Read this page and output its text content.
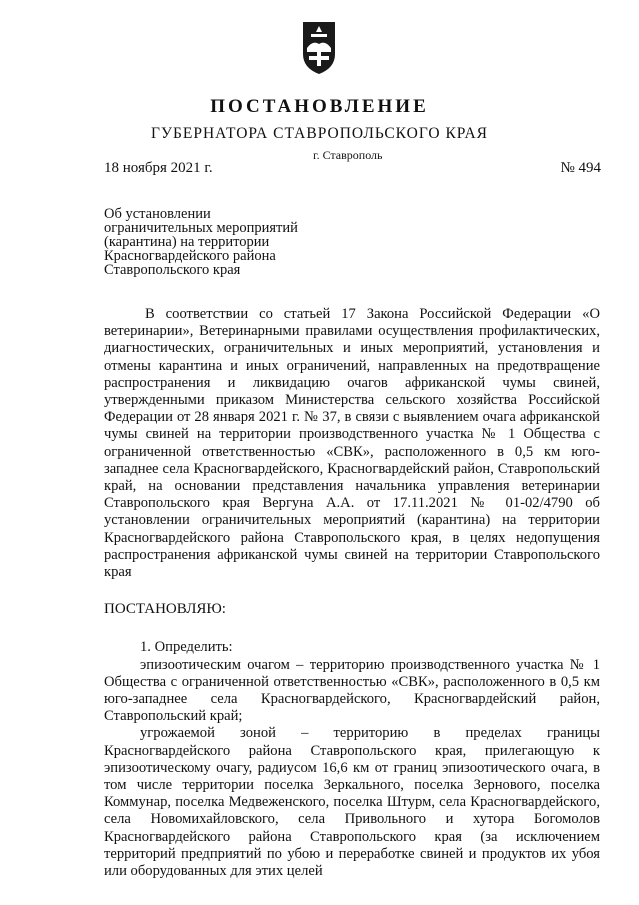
ПОСТАНОВЛЕНИЕ
ГУБЕРНАТОРА СТАВРОПОЛЬСКОГО КРАЯ
г. Ставрополь
18 ноября 2021 г.	№ 494
Об установлении
ограничительных мероприятий
(карантина) на территории
Красногвардейского района
Ставропольского края

В соответствии со статьей 17 Закона Российской Федерации «О ветеринарии», Ветеринарными правилами осуществления профилактических, диагностических, ограничительных и иных мероприятий, установления и отмены карантина и иных ограничений, направленных на предотвращение распространения и ликвидацию очагов африканской чумы свиней, утвержденными приказом Министерства сельского хозяйства Российской Федерации от 28 января 2021 г. № 37, в связи с выявлением очага африканской чумы свиней на территории производственного участка № 1 Общества с ограниченной ответственностью «СВК», расположенного в 0,5 км юго-западнее села Красногвардейского, Красногвардейский район, Ставропольский край, на основании представления начальника управления ветеринарии Ставропольского края Вергуна А.А. от 17.11.2021 № 01-02/4790 об установлении ограничительных мероприятий (карантина) на территории Красногвардейского района Ставропольского края, в целях недопущения распространения африканской чумы свиней на территории Ставропольского края

ПОСТАНОВЛЯЮ:

1. Определить:

эпизоотическим очагом – территорию производственного участка № 1 Общества с ограниченной ответственностью «СВК», расположенного в 0,5 км юго-западнее села Красногвардейского, Красногвардейский район, Ставропольский край;

угрожаемой зоной – территорию в пределах границы Красногвардейского района Ставропольского края, прилегающую к эпизоотическому очагу, радиусом 16,6 км от границ эпизоотического очага, в том числе территории поселка Зеркального, поселка Зернового, поселка Коммунар, поселка Медвеженского, поселка Штурм, села Красногвардейского, села Новомихайловского, села Привольного и хутора Богомолов Красногвардейского района Ставропольского края (за исключением территорий предприятий по убою и переработке свиней и продуктов их убоя или оборудованных для этих целей
